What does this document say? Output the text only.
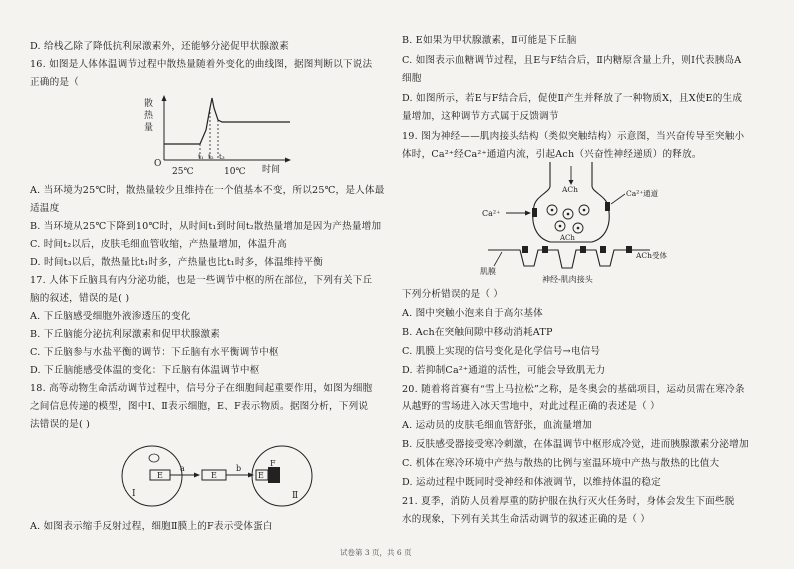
D. 给栈乙除了降低抗利尿激素外，还能够分泌促甲状腺激素
16. 如图是人体体温调节过程中散热量随着外变化的曲线图，据图判断以下说法
正确的是（
A. 当环境为25℃时，散热量较少且维持在一个值基本不变，所以25℃，是人体最
适温度
B. 当环境从25℃下降到10℃时，从时间t₁到时间t₂散热量增加是因为产热量增加
C. 时间t₂以后，皮肤毛细血管收缩，产热量增加，体温升高
D. 时间t₃以后，散热量比t₁时多，产热量也比t₁时多，体温维持平衡
17. 人体下丘脑具有内分泌功能，也是一些调节中枢的所在部位，下列有关下丘
脑的叙述，错误的是( )
A. 下丘脑感受细胞外液渗透压的变化
B. 下丘脑能分泌抗利尿激素和促甲状腺激素
C. 下丘脑参与水盐平衡的调节：下丘脑有水平衡调节中枢
D. 下丘脑能感受体温的变化：下丘脑有体温调节中枢
18. 高等动物生命活动调节过程中，信号分子在细胞间起重要作用，如图为细胞
之间信息传递的模型，图中Ⅰ、Ⅱ表示细胞，E、F表示物质。据图分析，下列说
法错误的是( )
A. 如图表示缩手反射过程，细胞Ⅱ膜上的F表示受体蛋白
散
热
量
O
t₁ t₂ t₃
25℃	10℃ 时间
E
Ⅰ
a
E
b
E
F
Ⅱ
B. E如果为甲状腺激素，Ⅱ可能是下丘脑
C. 如图表示血糖调节过程，且E与F结合后，Ⅱ内糖原含量上升，则Ⅰ代表胰岛A
细胞
D. 如图所示，若E与F结合后，促使Ⅱ产生并释放了一种物质X，且X使E的生成
量增加，这种调节方式属于反馈调节
19. 图为神经——肌肉接头结构（类似突触结构）示意图，当兴奋传导至突触小
体时，Ca²⁺经Ca²⁺通道内流，引起Ach（兴奋性神经递质）的释放。
下列分析错误的是（ ）
A. 图中突触小泡来自于高尔基体
B. Ach在突触间隙中移动消耗ATP
C. 肌膜上实现的信号变化是化学信号→电信号
D. 若抑制Ca²⁺通道的活性，可能会导致肌无力
20. 随着将首赛有“雪上马拉松”之称，是冬奥会的基础项目，运动员需在寒冷条
从越野的雪场进入冰天雪地中，对此过程正确的表述是（ ）
A. 运动员的皮肤毛细血管舒张，血流量增加
B. 反肤感受器接受寒冷刺激，在体温调节中枢形成冷觉，进而胰腺激素分泌增加
C. 机体在寒冷环境中产热与散热的比例与室温环境中产热与散热的比值大
D. 运动过程中既同时受神经和体液调节，以维持体温的稳定
21. 夏季，消防人员着厚重的防护服在执行灭火任务时，身体会发生下面些脱
水的现象，下列有关其生命活动调节的叙述正确的是（ ）
ACh
ACh
Ca²⁺
Ca²⁺通道
肌膜
ACh受体
神经-肌肉接头
试卷第 3 页，共 6 页
